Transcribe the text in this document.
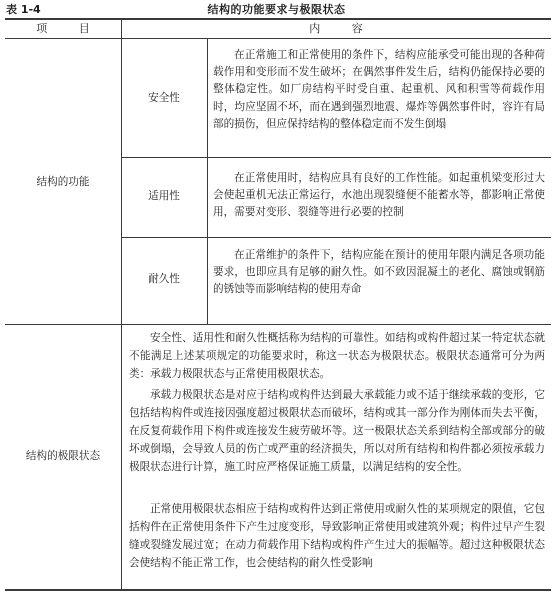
表 1-4	结构的功能要求与极限状态
项 目	内 容
结构的功能
安全性
在正常施工和正常使用的条件下，结构应能承受可能出现的各种荷载作用和变形而不发生破坏；在偶然事件发生后，结构仍能保持必要的整体稳定性。如厂房结构平时受自重、起重机、风和积雪等荷载作用时，均应坚固不坏，而在遇到强烈地震、爆炸等偶然事件时，容许有局部的损伤，但应保持结构的整体稳定而不发生倒塌
适用性
在正常使用时，结构应具有良好的工作性能。如起重机梁变形过大会使起重机无法正常运行，水池出现裂缝便不能蓄水等，都影响正常使用，需要对变形、裂缝等进行必要的控制
耐久性
在正常维护的条件下，结构应能在预计的使用年限内满足各项功能要求，也即应具有足够的耐久性。如不致因混凝土的老化、腐蚀或钢筋的锈蚀等而影响结构的使用寿命
结构的极限状态
安全性、适用性和耐久性概括称为结构的可靠性。如结构或构件超过某一特定状态就不能满足上述某项规定的功能要求时，称这一状态为极限状态。极限状态通常可分为两类：承载力极限状态与正常使用极限状态。
承载力极限状态是对应于结构或构件达到最大承载能力或不适于继续承载的变形，它包括结构构件或连接因强度超过极限状态而破坏，结构或其一部分作为刚体而失去平衡，在反复荷载作用下构件或连接发生疲劳破坏等。这一极限状态关系到结构全部或部分的破坏或倒塌，会导致人员的伤亡或严重的经济损失，所以对所有结构和构件都必须按承载力极限状态进行计算，施工时应严格保证施工质量，以满足结构的安全性。
正常使用极限状态相应于结构或构件达到正常使用或耐久性的某项规定的限值，它包括构件在正常使用条件下产生过度变形，导致影响正常使用或建筑外观；构件过早产生裂缝或裂缝发展过宽；在动力荷载作用下结构或构件产生过大的振幅等。超过这种极限状态会使结构不能正常工作，也会使结构的耐久性受影响
